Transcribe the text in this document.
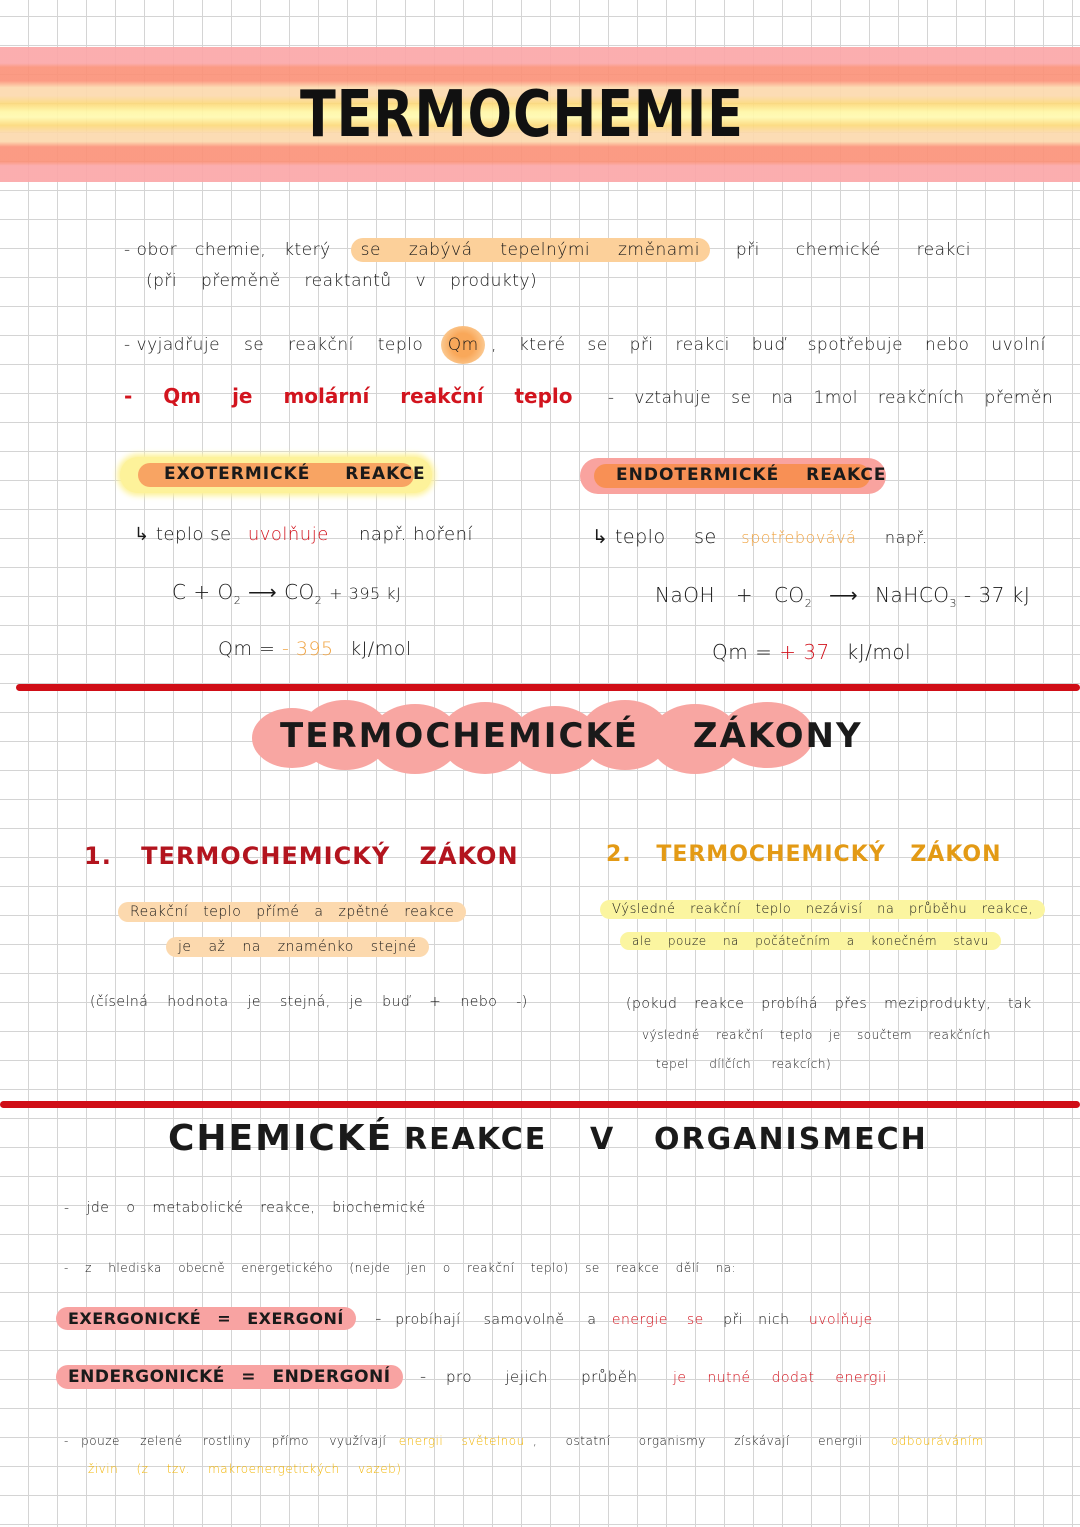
TERMOCHEMIE
- obor chemie, který se zabývá tepelnými změnami při chemické reakci
(při přeměně reaktantů v produkty)
- vyjadřuje se reakční teplo Qm , které se při reakci buď spotřebuje nebo uvolní
- Qm je molární reakční teplo - vztahuje se na 1mol reakčních přeměn
EXOTERMICKÉ REAKCE	ENDOTERMICKÉ REAKCE
↳ teplo se uvolňuje např. hoření
$C + O_2$ ⟶ $CO_2 + 395$ kJ
Qm = - 395 kJ/mol
↳ teplo se spotřebovává např.
NaOH + $CO_2$ ⟶ NaHCO$_3$ - 37 kJ
Qm = + 37 kJ/mol
TERMOCHEMICKÉ ZÁKONY
1. TERMOCHEMICKÝ ZÁKON
Reakční teplo přímé a zpětné reakce
je až na znaménko stejné
(číselná hodnota je stejná, je buď + nebo -)
2. TERMOCHEMICKÝ ZÁKON
Výsledné reakční teplo nezávisí na průběhu reakce,
ale pouze na počátečním a konečném stavu
(pokud reakce probíhá přes meziprodukty, tak
výsledné reakční teplo je součtem reakčních
tepel dílčích reakcích)
CHEMICKÉ REAKCE V ORGANISMECH
- jde o metabolické reakce, biochemické
- z hlediska obecně energetického (nejde jen o reakční teplo) se reakce dělí na:
EXERGONICKÉ = EXERGONÍ - probíhají samovolně a energie se při nich uvolňuje
ENDERGONICKÉ = ENDERGONÍ - pro jejich průběh	je nutné dodat energii
- pouze zelené rostliny přímo využívají energii světelnou , ostatní organismy získávají energii odbouráváním
živin (z tzv. makroenergetických vazeb)
